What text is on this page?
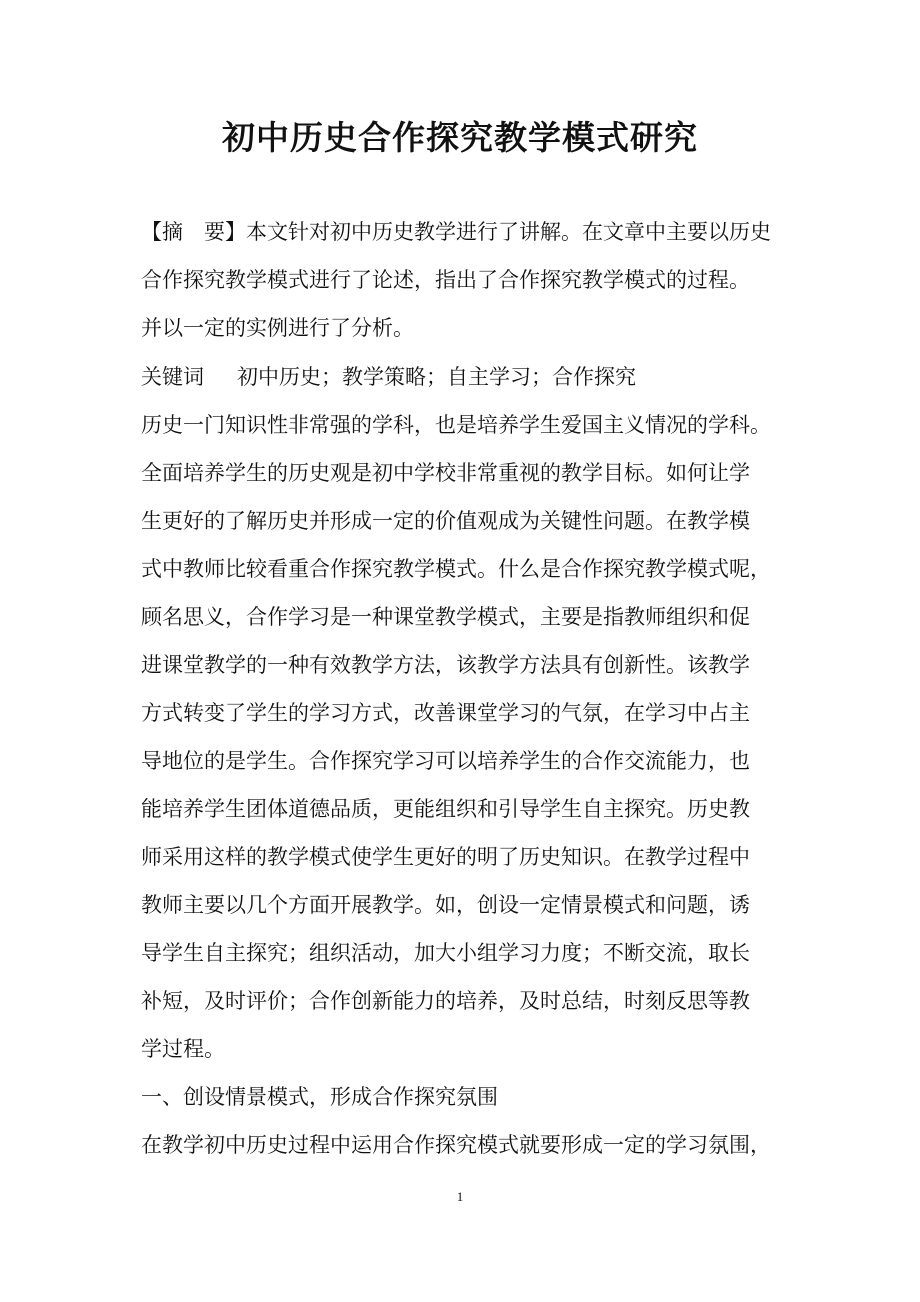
初中历史合作探究教学模式研究
【摘　要】本文针对初中历史教学进行了讲解。在文章中主要以历史
合作探究教学模式进行了论述，指出了合作探究教学模式的过程。
并以一定的实例进行了分析。
关键词 初中历史；教学策略；自主学习；合作探究
历史一门知识性非常强的学科，也是培养学生爱国主义情况的学科。
全面培养学生的历史观是初中学校非常重视的教学目标。如何让学
生更好的了解历史并形成一定的价值观成为关键性问题。在教学模
式中教师比较看重合作探究教学模式。什么是合作探究教学模式呢，
顾名思义，合作学习是一种课堂教学模式，主要是指教师组织和促
进课堂教学的一种有效教学方法，该教学方法具有创新性。该教学
方式转变了学生的学习方式，改善课堂学习的气氛，在学习中占主
导地位的是学生。合作探究学习可以培养学生的合作交流能力，也
能培养学生团体道德品质，更能组织和引导学生自主探究。历史教
师采用这样的教学模式使学生更好的明了历史知识。在教学过程中
教师主要以几个方面开展教学。如，创设一定情景模式和问题，诱
导学生自主探究；组织活动，加大小组学习力度；不断交流，取长
补短，及时评价；合作创新能力的培养，及时总结，时刻反思等教
学过程。
一、创设情景模式，形成合作探究氛围
在教学初中历史过程中运用合作探究模式就要形成一定的学习氛围，
1
